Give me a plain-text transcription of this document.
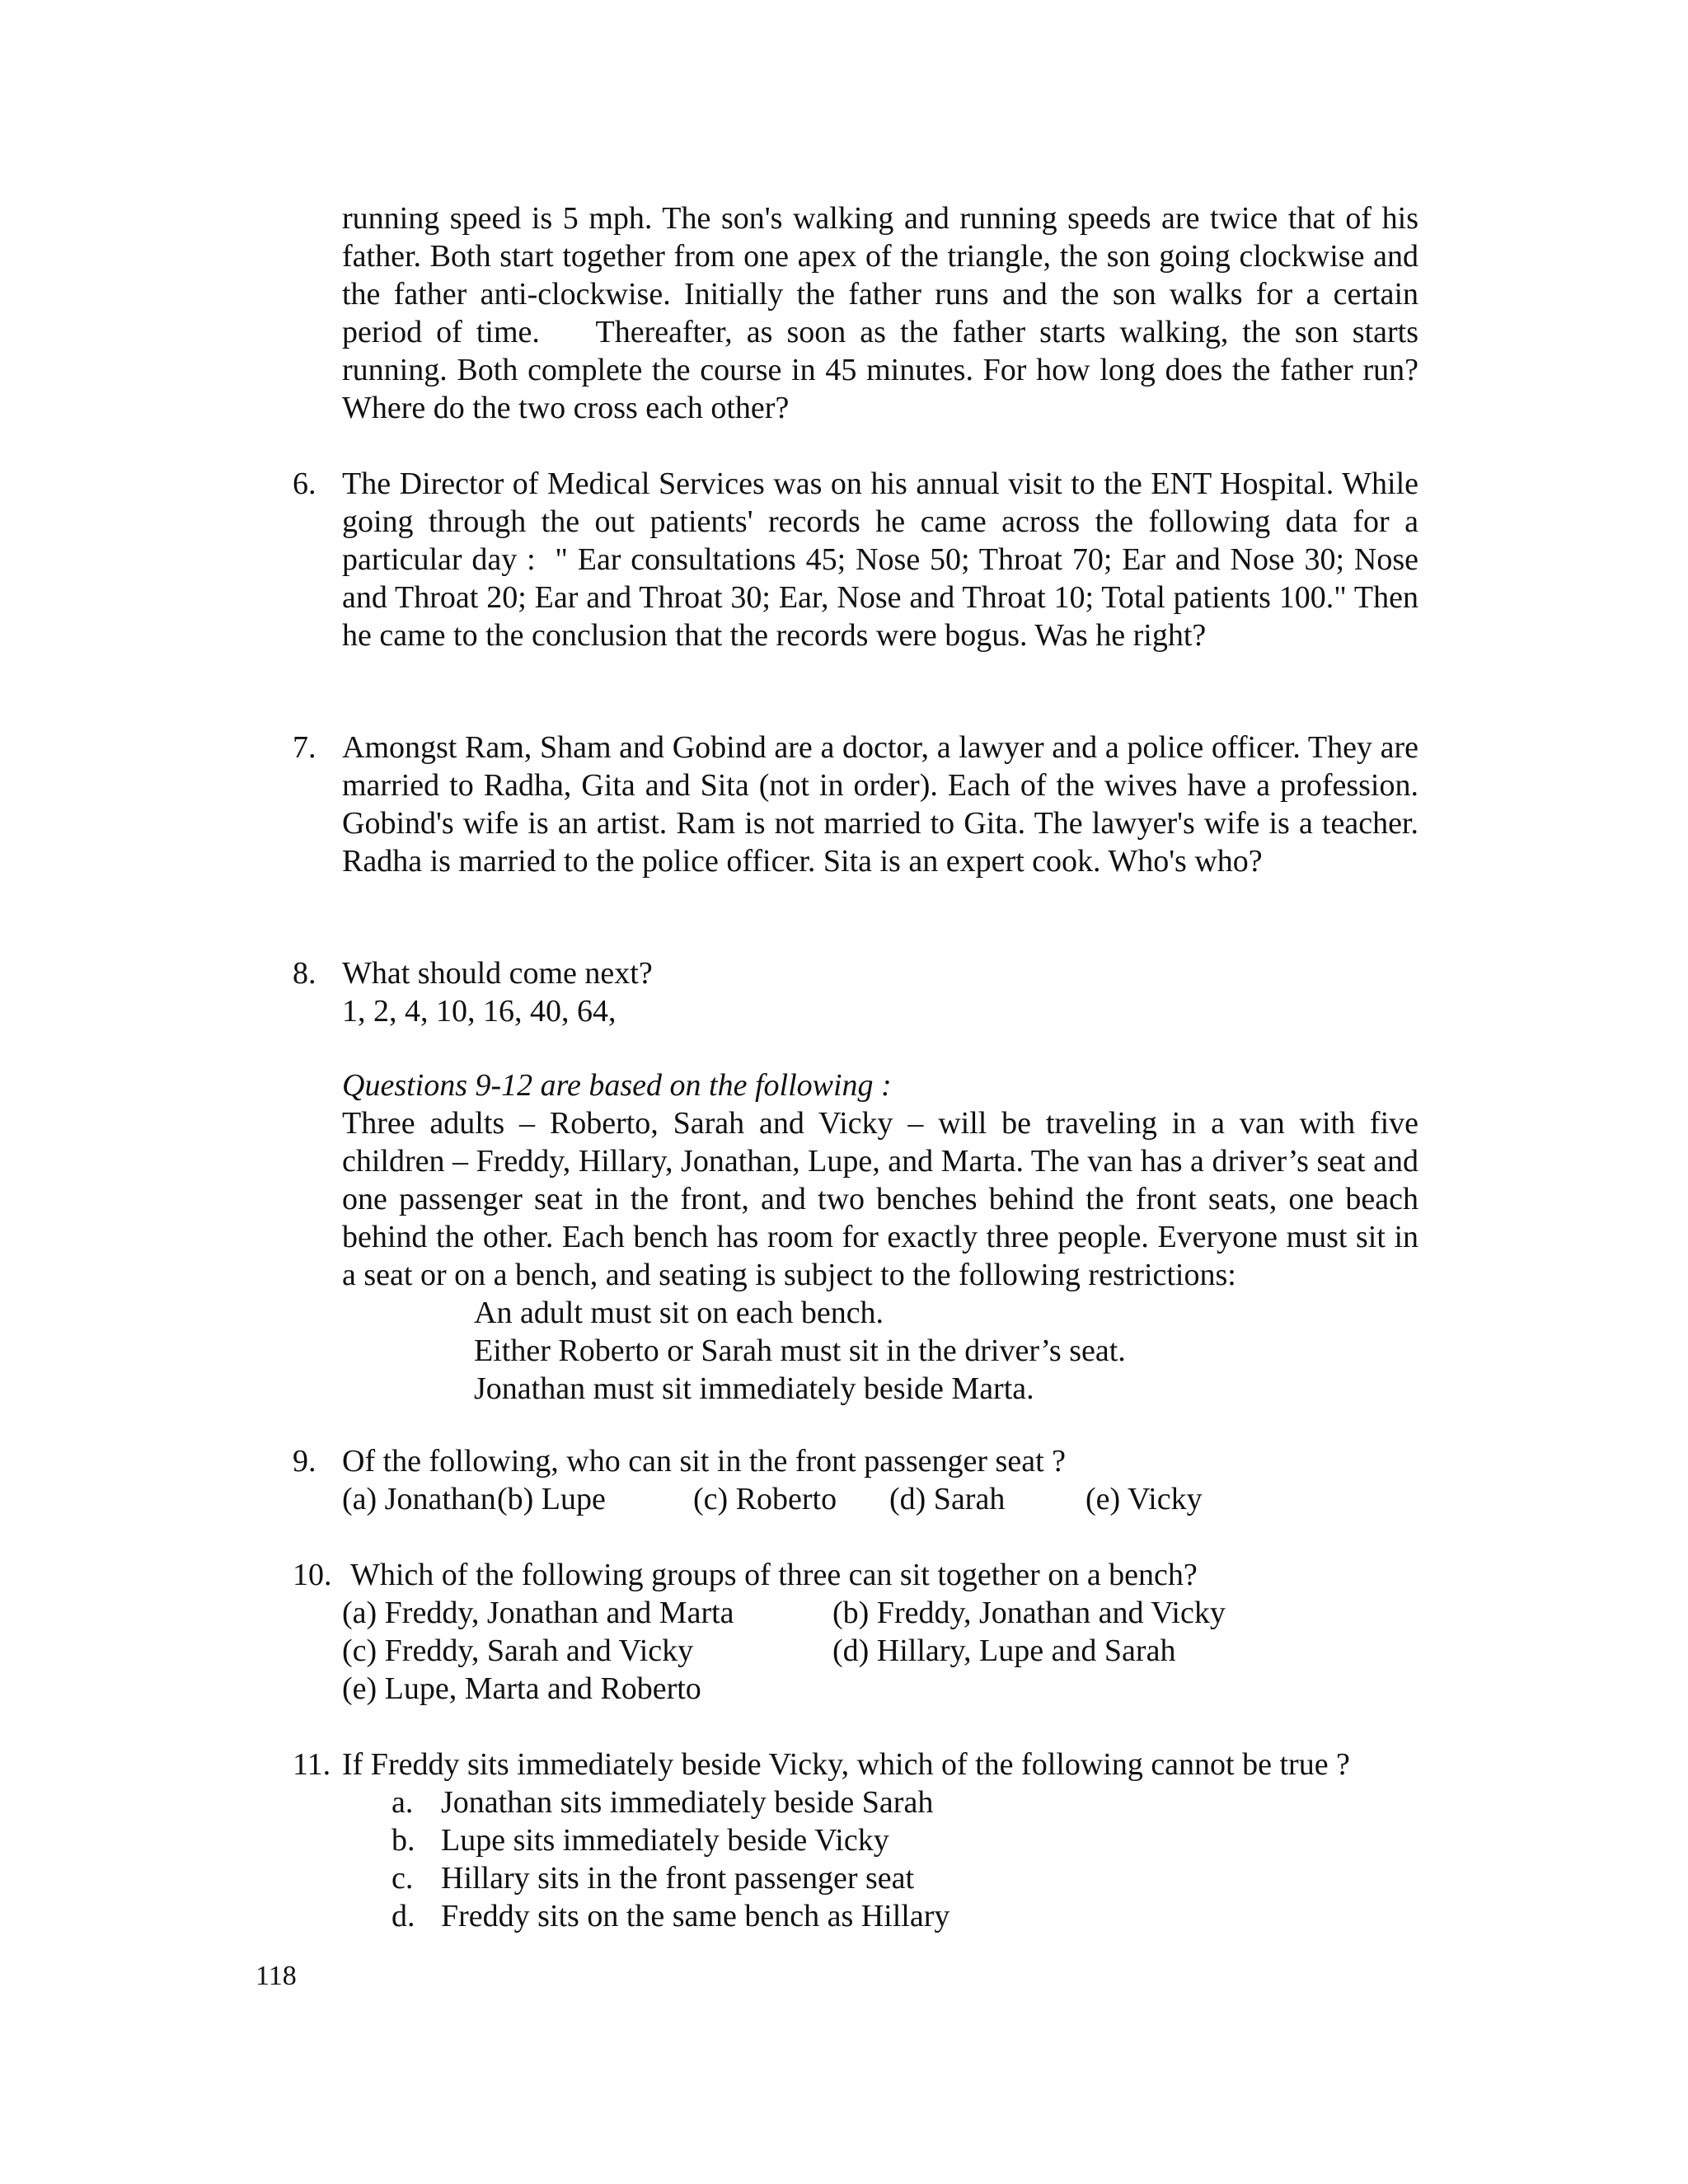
running speed is 5 mph. The son's walking and running speeds are twice that of his father. Both start together from one apex of the triangle, the son going clockwise and the father anti-clockwise. Initially the father runs and the son walks for a certain period of time.    Thereafter, as soon as the father starts walking, the son starts running. Both complete the course in 45 minutes. For how long does the father run? Where do the two cross each other?
6. The Director of Medical Services was on his annual visit to the ENT Hospital. While going through the out patients' records he came across the following data for a particular day :  " Ear consultations 45; Nose 50; Throat 70; Ear and Nose 30; Nose and Throat 20; Ear and Throat 30; Ear, Nose and Throat 10; Total patients 100." Then he came to the conclusion that the records were bogus. Was he right?
7. Amongst Ram, Sham and Gobind are a doctor, a lawyer and a police officer. They are married to Radha, Gita and Sita (not in order). Each of the wives have a profession. Gobind's wife is an artist. Ram is not married to Gita. The lawyer's wife is a teacher. Radha is married to the police officer. Sita is an expert cook. Who's who?
8. What should come next?
1, 2, 4, 10, 16, 40, 64,
Questions 9-12 are based on the following :
Three adults – Roberto, Sarah and Vicky – will be traveling in a van with five children – Freddy, Hillary, Jonathan, Lupe, and Marta. The van has a driver’s seat and one passenger seat in the front, and two benches behind the front seats, one beach behind the other. Each bench has room for exactly three people. Everyone must sit in a seat or on a bench, and seating is subject to the following restrictions:
An adult must sit on each bench.
Either Roberto or Sarah must sit in the driver’s seat.
Jonathan must sit immediately beside Marta.
9. Of the following, who can sit in the front passenger seat ?
(a) Jonathan (b) Lupe	(c) Roberto	(d) Sarah	(e) Vicky
10. Which of the following groups of three can sit together on a bench?
(a) Freddy, Jonathan and Marta	(b) Freddy, Jonathan and Vicky
(c) Freddy, Sarah and Vicky	(d) Hillary, Lupe and Sarah
(e) Lupe, Marta and Roberto
11. If Freddy sits immediately beside Vicky, which of the following cannot be true ?
a. Jonathan sits immediately beside Sarah
b. Lupe sits immediately beside Vicky
c. Hillary sits in the front passenger seat
d. Freddy sits on the same bench as Hillary
118
